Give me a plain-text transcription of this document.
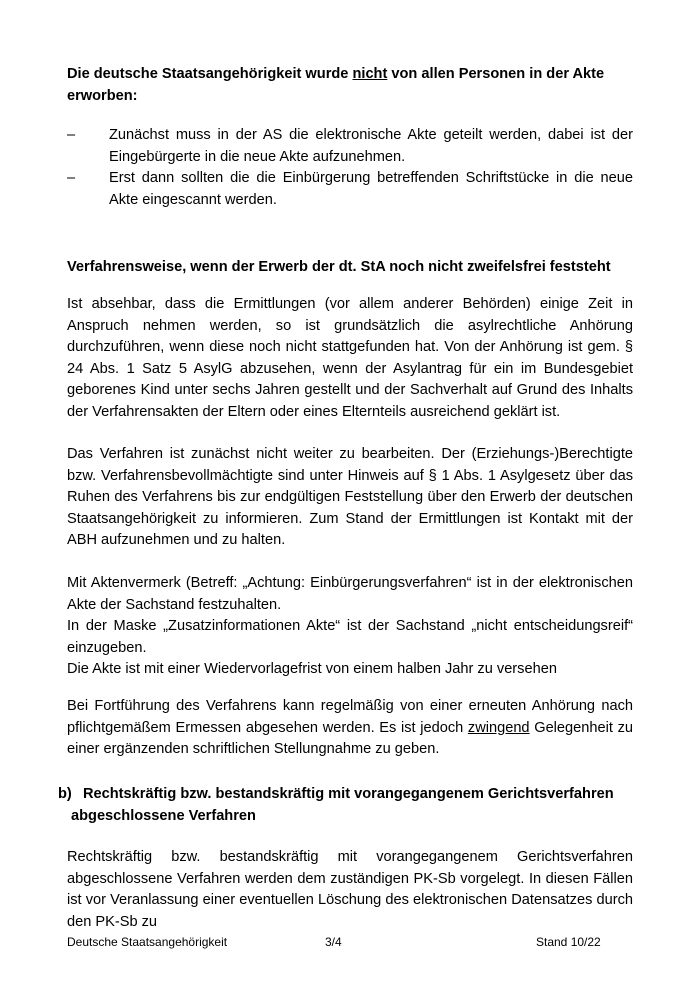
Die deutsche Staatsangehörigkeit wurde nicht von allen Personen in der Akte erworben:
– Zunächst muss in der AS die elektronische Akte geteilt werden, dabei ist der Eingebürgerte in die neue Akte aufzunehmen.
– Erst dann sollten die die Einbürgerung betreffenden Schriftstücke in die neue Akte eingescannt werden.
Verfahrensweise, wenn der Erwerb der dt. StA noch nicht zweifelsfrei feststeht
Ist absehbar, dass die Ermittlungen (vor allem anderer Behörden) einige Zeit in Anspruch nehmen werden, so ist grundsätzlich die asylrechtliche Anhörung durchzuführen, wenn diese noch nicht stattgefunden hat. Von der Anhörung ist gem. § 24 Abs. 1 Satz 5 AsylG abzusehen, wenn der Asylantrag für ein im Bundesgebiet geborenes Kind unter sechs Jahren gestellt und der Sachverhalt auf Grund des Inhalts der Verfahrensakten der Eltern oder eines Elternteils ausreichend geklärt ist.
Das Verfahren ist zunächst nicht weiter zu bearbeiten. Der (Erziehungs-)Berechtigte bzw. Verfahrensbevollmächtigte sind unter Hinweis auf § 1 Abs. 1 Asylgesetz über das Ruhen des Verfahrens bis zur endgültigen Feststellung über den Erwerb der deutschen Staatsangehörigkeit zu informieren. Zum Stand der Ermittlungen ist Kontakt mit der ABH aufzunehmen und zu halten.
Mit Aktenvermerk (Betreff: „Achtung: Einbürgerungsverfahren“ ist in der elektronischen Akte der Sachstand festzuhalten.
In der Maske „Zusatzinformationen Akte“ ist der Sachstand „nicht entscheidungsreif“ einzugeben.
Die Akte ist mit einer Wiedervorlagefrist von einem halben Jahr zu versehen
Bei Fortführung des Verfahrens kann regelmäßig von einer erneuten Anhörung nach pflichtgemäßem Ermessen abgesehen werden. Es ist jedoch zwingend Gelegenheit zu einer ergänzenden schriftlichen Stellungnahme zu geben.
b) Rechtskräftig bzw. bestandskräftig mit vorangegangenem Gerichtsverfahren abgeschlossene Verfahren
Rechtskräftig bzw. bestandskräftig mit vorangegangenem Gerichtsverfahren abgeschlossene Verfahren werden dem zuständigen PK-Sb vorgelegt. In diesen Fällen ist vor Veranlassung einer eventuellen Löschung des elektronischen Datensatzes durch den PK-Sb zu
Deutsche Staatsangehörigkeit	3/4	Stand 10/22
